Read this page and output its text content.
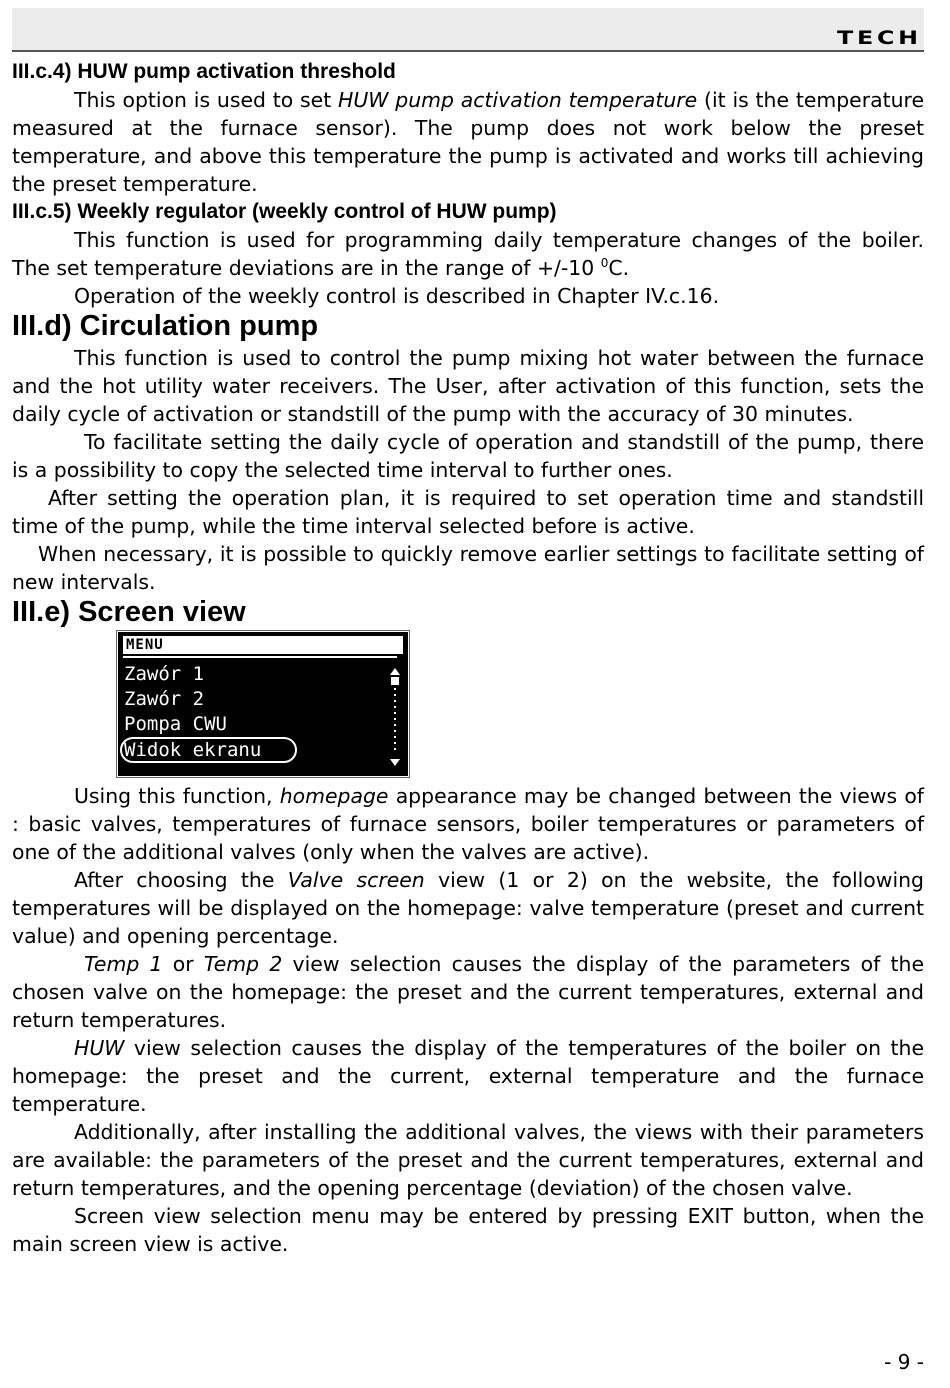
TECH
III.c.4) HUW pump activation threshold

This option is used to set HUW pump activation temperature (it is the temperature measured at the furnace sensor). The pump does not work below the preset temperature, and above this temperature the pump is activated and works till achieving the preset temperature.

III.c.5) Weekly regulator (weekly control of HUW pump)

This function is used for programming daily temperature changes of the boiler. The set temperature deviations are in the range of +/-10 $^0$C.

Operation of the weekly control is described in Chapter IV.c.16.

III.d) Circulation pump

This function is used to control the pump mixing hot water between the furnace and the hot utility water receivers. The User, after activation of this function, sets the daily cycle of activation or standstill of the pump with the accuracy of 30 minutes.

To facilitate setting the daily cycle of operation and standstill of the pump, there is a possibility to copy the selected time interval to further ones.

After setting the operation plan, it is required to set operation time and standstill time of the pump, while the time interval selected before is active.

When necessary, it is possible to quickly remove earlier settings to facilitate setting of new intervals.

III.e) Screen view
MENU
Zawór 1
Zawór 2
Pompa CWU
Widok ekranu

Using this function, homepage appearance may be changed between the views of : basic valves, temperatures of furnace sensors, boiler temperatures or parameters of one of the additional valves (only when the valves are active).

After choosing the Valve screen view (1 or 2) on the website, the following temperatures will be displayed on the homepage: valve temperature (preset and current value) and opening percentage.

Temp 1 or Temp 2 view selection causes the display of the parameters of the chosen valve on the homepage: the preset and the current temperatures, external and return temperatures.

HUW view selection causes the display of the temperatures of the boiler on the homepage: the preset and the current, external temperature and the furnace temperature.

Additionally, after installing the additional valves, the views with their parameters are available: the parameters of the preset and the current temperatures, external and return temperatures, and the opening percentage (deviation) of the chosen valve.

Screen view selection menu may be entered by pressing EXIT button, when the main screen view is active.

- 9 -
